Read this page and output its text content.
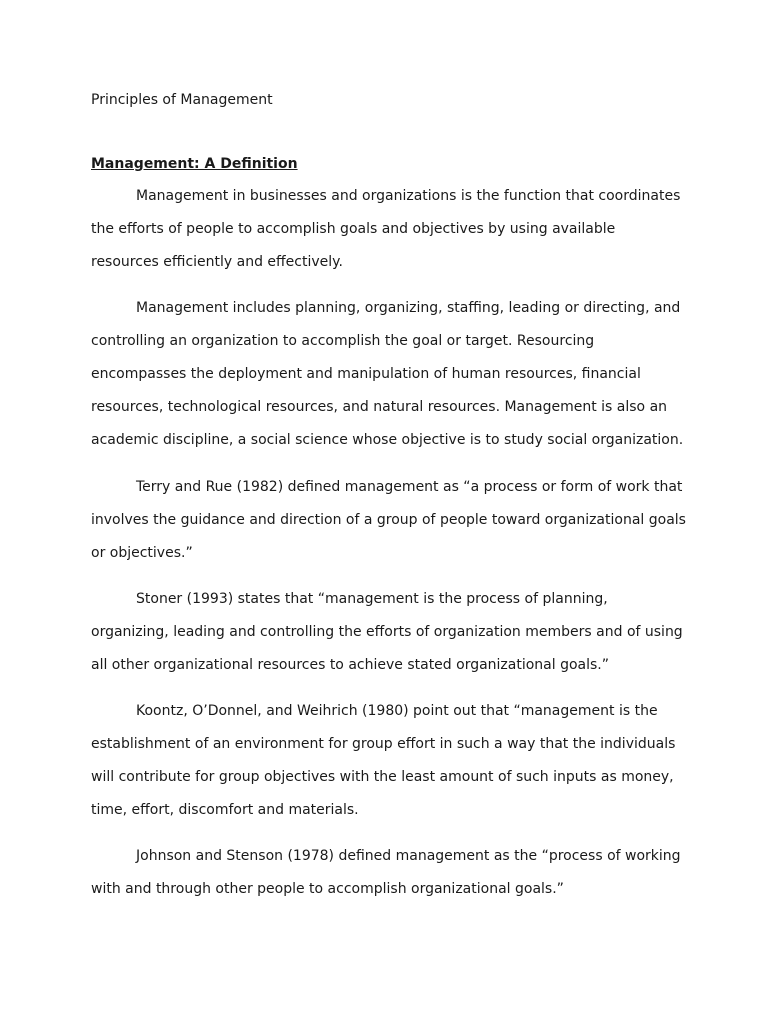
Principles of Management
Management: A Definition

Management in businesses and organizations is the function that coordinates
the efforts of people to accomplish goals and objectives by using available
resources efficiently and effectively.

Management includes planning, organizing, staffing, leading or directing, and
controlling an organization to accomplish the goal or target. Resourcing
encompasses the deployment and manipulation of human resources, financial
resources, technological resources, and natural resources. Management is also an
academic discipline, a social science whose objective is to study social organization.

Terry and Rue (1982) defined management as “a process or form of work that
involves the guidance and direction of a group of people toward organizational goals
or objectives.”

Stoner (1993) states that “management is the process of planning,
organizing, leading and controlling the efforts of organization members and of using
all other organizational resources to achieve stated organizational goals.”

Koontz, O’Donnel, and Weihrich (1980) point out that “management is the
establishment of an environment for group effort in such a way that the individuals
will contribute for group objectives with the least amount of such inputs as money,
time, effort, discomfort and materials.

Johnson and Stenson (1978) defined management as the “process of working
with and through other people to accomplish organizational goals.”
